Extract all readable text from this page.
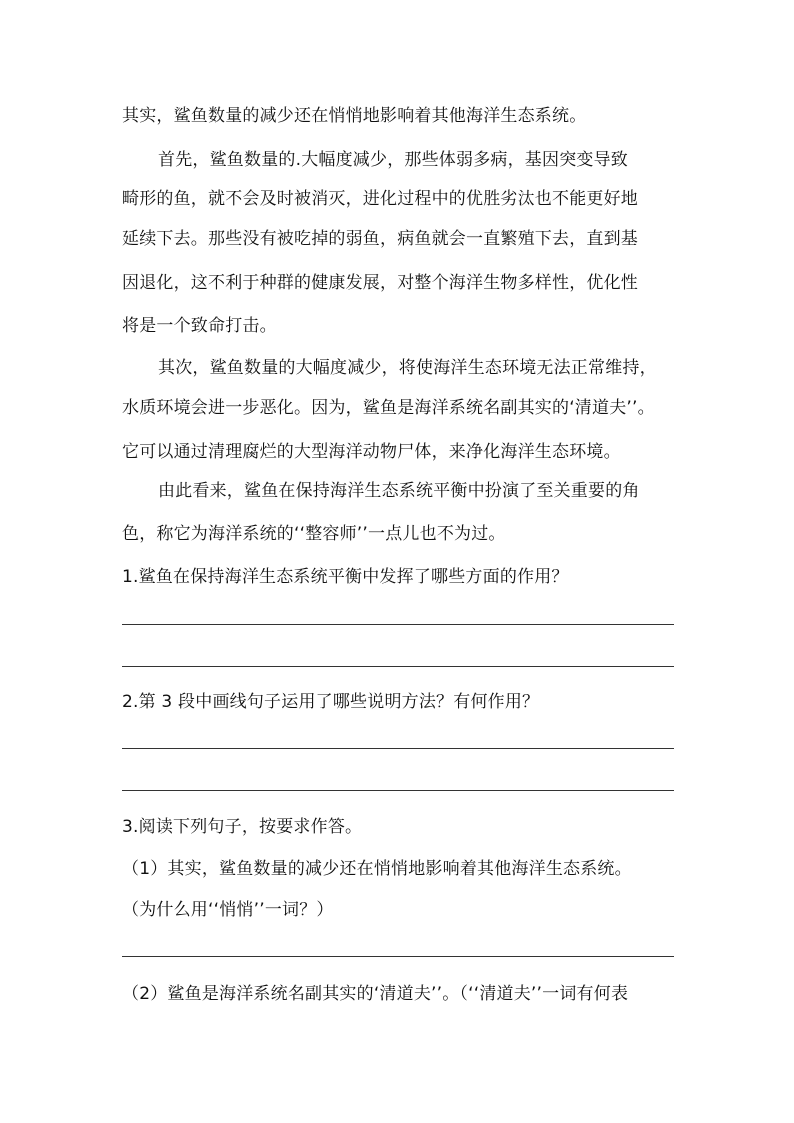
其实，鲨鱼数量的减少还在悄悄地影响着其他海洋生态系统。
首先，鲨鱼数量的.大幅度减少，那些体弱多病，基因突变导致
畸形的鱼，就不会及时被消灭，进化过程中的优胜劣汰也不能更好地
延续下去。那些没有被吃掉的弱鱼，病鱼就会一直繁殖下去，直到基
因退化，这不利于种群的健康发展，对整个海洋生物多样性，优化性
将是一个致命打击。
其次，鲨鱼数量的大幅度减少，将使海洋生态环境无法正常维持，
水质环境会进一步恶化。因为，鲨鱼是海洋系统名副其实的‘清道夫’’。
它可以通过清理腐烂的大型海洋动物尸体，来净化海洋生态环境。
由此看来，鲨鱼在保持海洋生态系统平衡中扮演了至关重要的角
色，称它为海洋系统的‘‘整容师’’一点儿也不为过。
1.鲨鱼在保持海洋生态系统平衡中发挥了哪些方面的作用？
2.第 3 段中画线句子运用了哪些说明方法？有何作用？
3.阅读下列句子，按要求作答。
（1）其实，鲨鱼数量的减少还在悄悄地影响着其他海洋生态系统。
（为什么用‘‘悄悄’’一词？）
（2）鲨鱼是海洋系统名副其实的‘清道夫’’。（‘‘清道夫’’一词有何表
